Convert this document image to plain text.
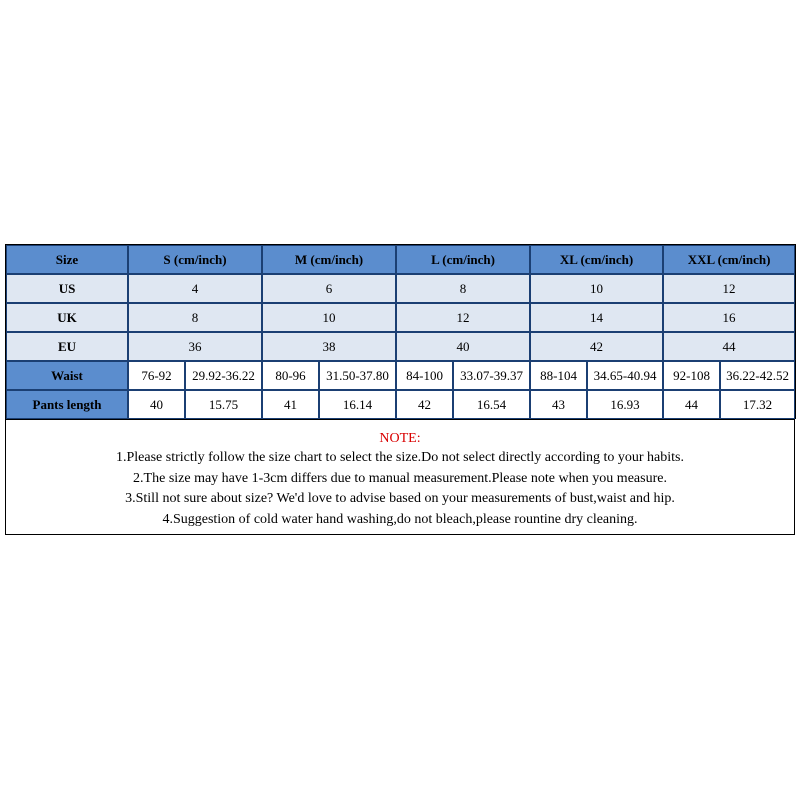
Size	S (cm/inch)		M (cm/inch)		L (cm/inch)		XL (cm/inch)		XXL (cm/inch)	
US	4		6		8		10		12	
UK	8		10		12		14		16	
EU	36		38		40		42		44	
Waist	76-92	29.92-36.22	80-96	31.50-37.80	84-100	33.07-39.37	88-104	34.65-40.94	92-108	36.22-42.52
Pants length	40	15.75	41	16.14	42	16.54	43	16.93	44	17.32
NOTE:
1.Please strictly follow the size chart to select the size.Do not select directly according to your habits.
2.The size may have 1-3cm differs due to manual measurement.Please note when you measure.
3.Still not sure about size? We'd love to advise based on your measurements of bust,waist and hip.
4.Suggestion of cold water hand washing,do not bleach,please rountine dry cleaning.
